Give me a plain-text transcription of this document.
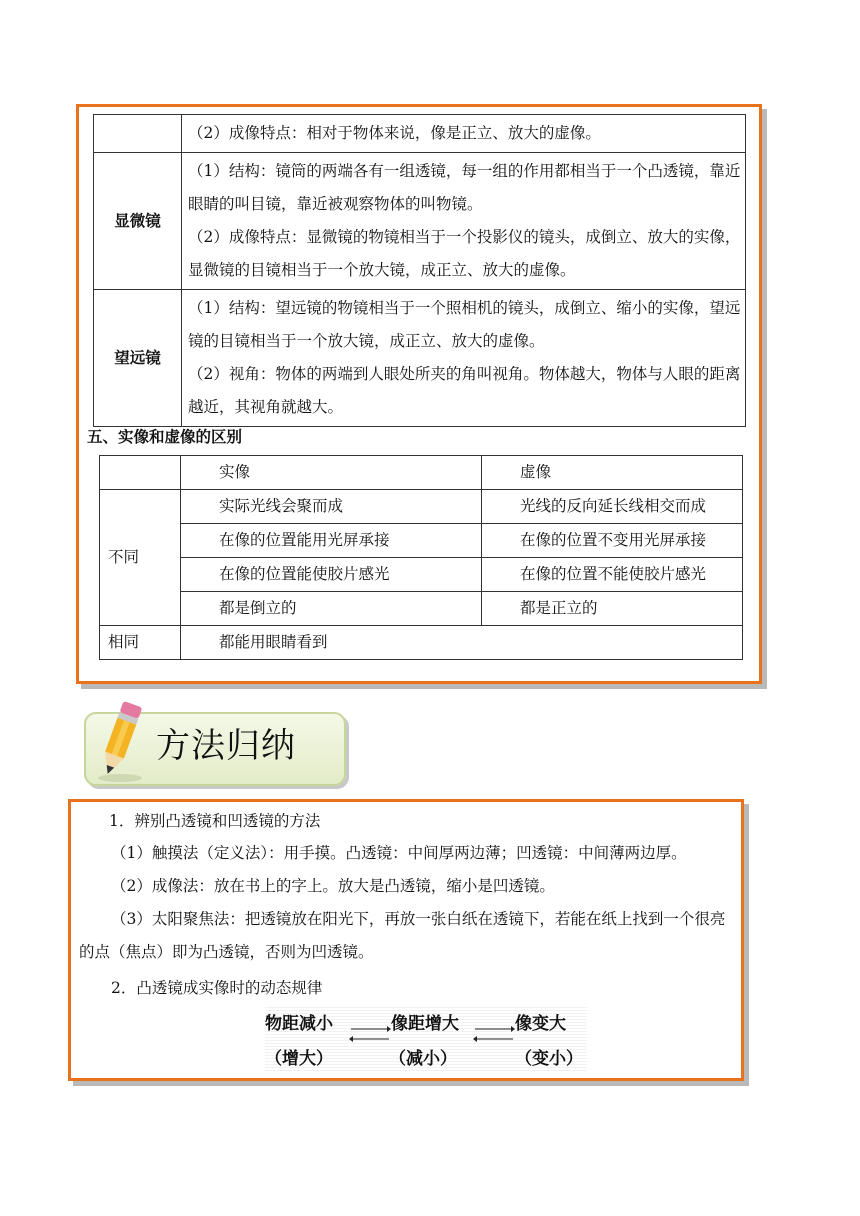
	（2）成像特点：相对于物体来说，像是正立、放大的虚像。

显微镜	（1）结构：镜筒的两端各有一组透镜，每一组的作用都相当于一个凸透镜，靠近眼睛的叫目镜，靠近被观察物体的叫物镜。

（2）成像特点：显微镜的物镜相当于一个投影仪的镜头，成倒立、放大的实像，显微镜的目镜相当于一个放大镜，成正立、放大的虚像。

望远镜	（1）结构：望远镜的物镜相当于一个照相机的镜头，成倒立、缩小的实像，望远镜的目镜相当于一个放大镜，成正立、放大的虚像。

（2）视角：物体的两端到人眼处所夹的角叫视角。物体越大，物体与人眼的距离越近，其视角就越大。

五、实像和虚像的区别
	实像	虚像
不同	实际光线会聚而成	光线的反向延长线相交而成
	在像的位置能用光屏承接	在像的位置不变用光屏承接
	在像的位置能使胶片感光	在像的位置不能使胶片感光
	都是倒立的	都是正立的
相同	都能用眼睛看到	
方法归纳

1．辨别凸透镜和凹透镜的方法

（1）触摸法（定义法）：用手摸。凸透镜：中间厚两边薄；凹透镜：中间薄两边厚。

（2）成像法：放在书上的字上。放大是凸透镜，缩小是凹透镜。

（3）太阳聚焦法：把透镜放在阳光下，再放一张白纸在透镜下，若能在纸上找到一个很亮的点（焦点）即为凸透镜，否则为凹透镜。

2．凸透镜成实像时的动态规律

物距减小	像距增大	像变大
（增大）	（减小）	（变小）
